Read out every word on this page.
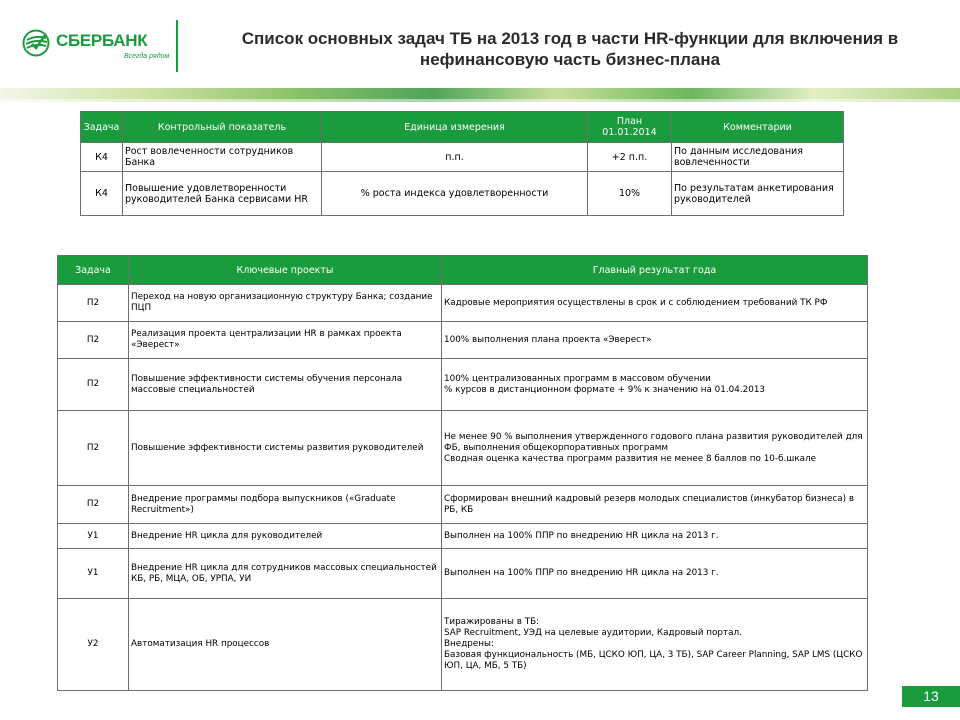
СБЕРБАНК
Всегда рядом
Список основных задач ТБ на 2013 год в части HR-функции для включения в нефинансовую часть бизнес-плана
Задача	Контрольный показатель	Единица измерения	План
01.01.2014	Комментарии
К4	Рост вовлеченности сотрудников Банка	п.п.	+2 п.п.	По данным исследования вовлеченности
К4	Повышение удовлетворенности руководителей Банка сервисами HR	% роста индекса удовлетворенности	10%	По результатам анкетирования руководителей
Задача	Ключевые проекты	Главный результат года
П2	Переход на новую организационную структуру Банка; создание ПЦП	Кадровые мероприятия осуществлены в срок и с соблюдением требований ТК РФ
П2	Реализация проекта централизации HR в рамках проекта «Эверест»	100% выполнения плана проекта «Эверест»
П2	Повышение эффективности системы обучения персонала массовые специальностей	100% централизованных программ в массовом обучении
% курсов в дистанционном формате + 9% к значению на 01.04.2013
П2	Повышение эффективности системы развития руководителей	Не менее 90 % выполнения утвержденного годового плана развития руководителей для ФБ, выполнения общекорпоративных программ
Сводная оценка качества программ развития не менее 8 баллов по 10-б.шкале
П2	Внедрение программы подбора выпускников («Graduate Recruitment»)	Сформирован внешний кадровый резерв молодых специалистов (инкубатор бизнеса) в РБ, КБ
У1	Внедрение HR цикла для руководителей	Выполнен на 100% ППР по внедрению HR цикла на 2013 г.
У1	Внедрение HR цикла для сотрудников массовых специальностей КБ, РБ, МЦА, ОБ, УРПА, УИ	Выполнен на 100% ППР по внедрению HR цикла на 2013 г.
У2	Автоматизация HR процессов	Тиражированы в ТБ:
SAP Recruitment, УЭД на целевые аудитории, Кадровый портал.
Внедрены:
Базовая функциональность (МБ, ЦСКО ЮП, ЦА, 3 ТБ), SAP Career Planning, SAP LMS (ЦСКО ЮП, ЦА, МБ, 5 ТБ)
13
